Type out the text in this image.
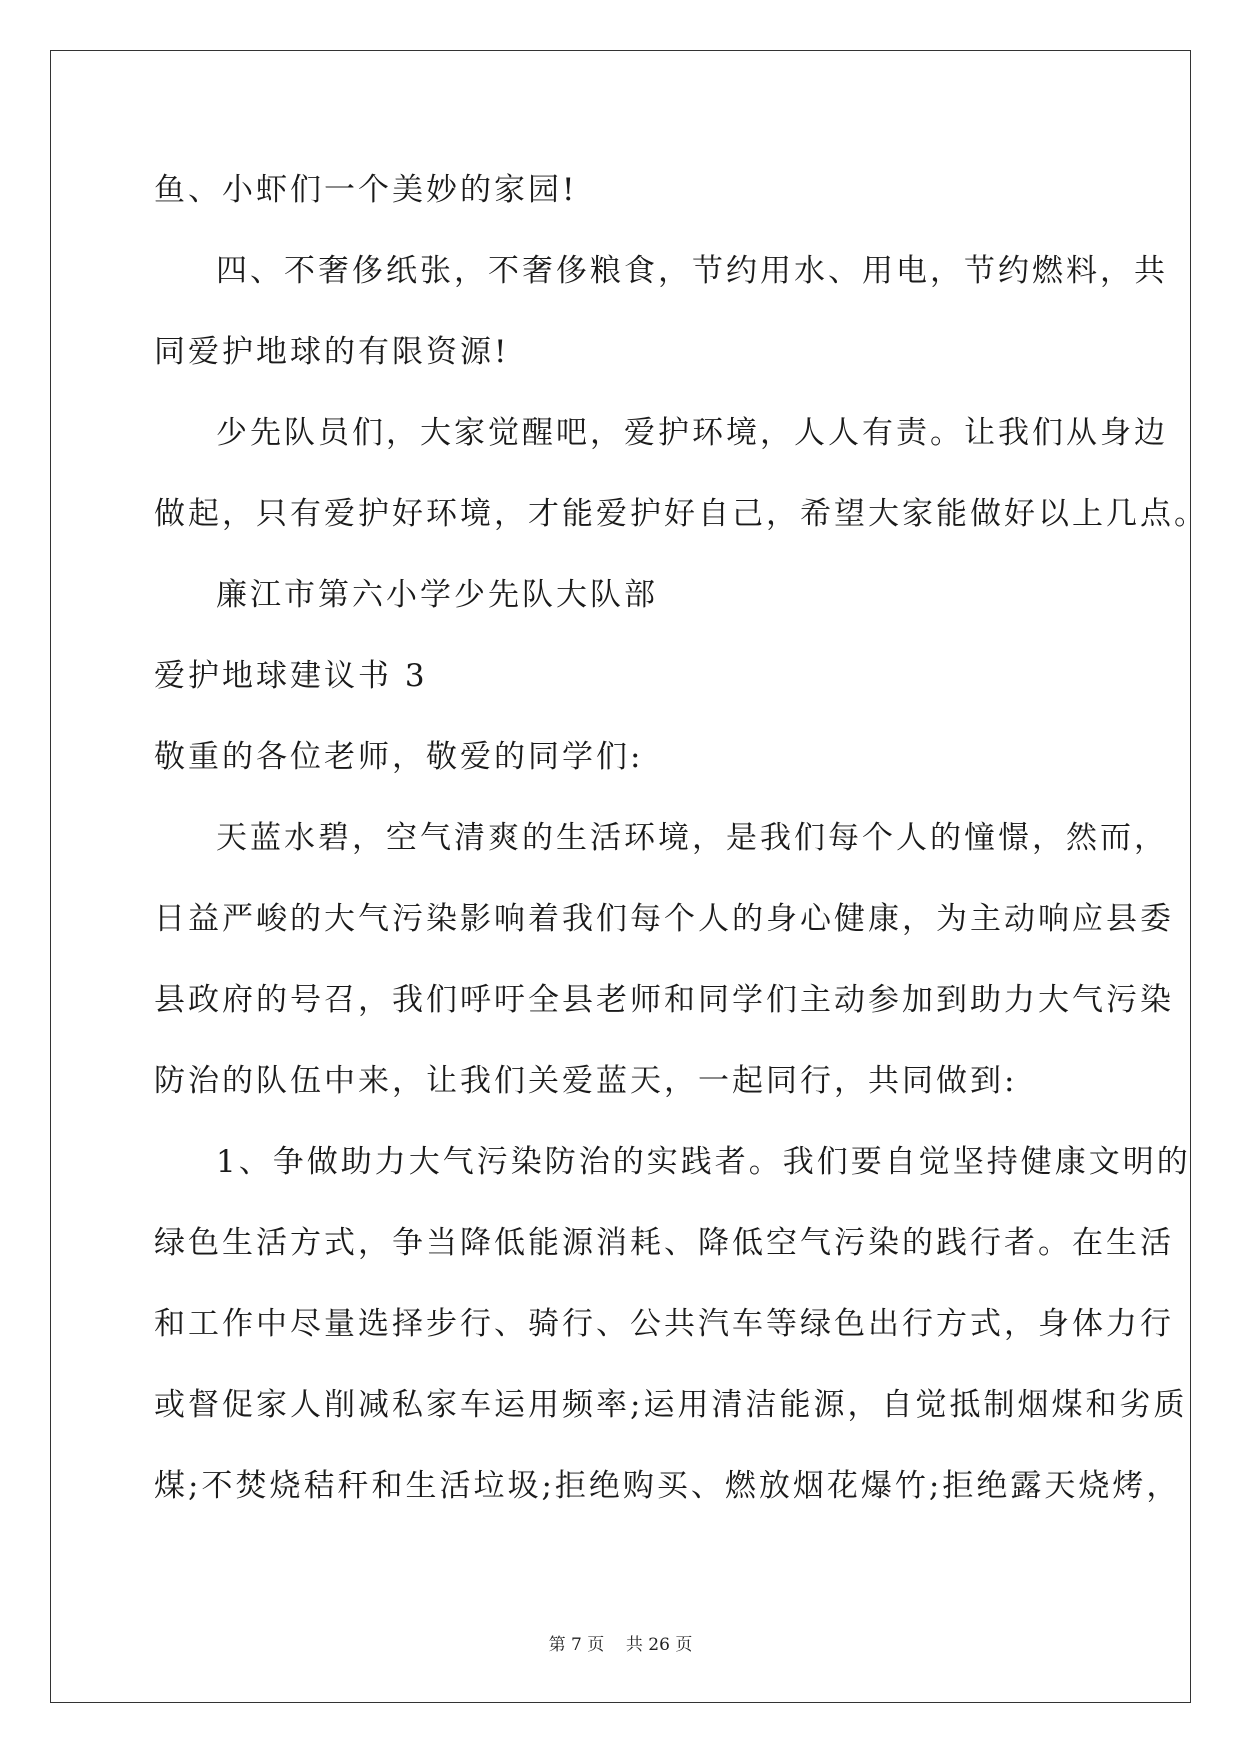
鱼、小虾们一个美妙的家园!
四、不奢侈纸张，不奢侈粮食，节约用水、用电，节约燃料，共
同爱护地球的有限资源!
少先队员们，大家觉醒吧，爱护环境，人人有责。让我们从身边
做起，只有爱护好环境，才能爱护好自己，希望大家能做好以上几点。
廉江市第六小学少先队大队部
爱护地球建议书 3
敬重的各位老师，敬爱的同学们:
天蓝水碧，空气清爽的生活环境，是我们每个人的憧憬，然而，
日益严峻的大气污染影响着我们每个人的身心健康，为主动响应县委
县政府的号召，我们呼吁全县老师和同学们主动参加到助力大气污染
防治的队伍中来，让我们关爱蓝天，一起同行，共同做到:
1、争做助力大气污染防治的实践者。我们要自觉坚持健康文明的
绿色生活方式，争当降低能源消耗、降低空气污染的践行者。在生活
和工作中尽量选择步行、骑行、公共汽车等绿色出行方式，身体力行
或督促家人削减私家车运用频率;运用清洁能源，自觉抵制烟煤和劣质
煤;不焚烧秸秆和生活垃圾;拒绝购买、燃放烟花爆竹;拒绝露天烧烤，
第 7 页 共 26 页
